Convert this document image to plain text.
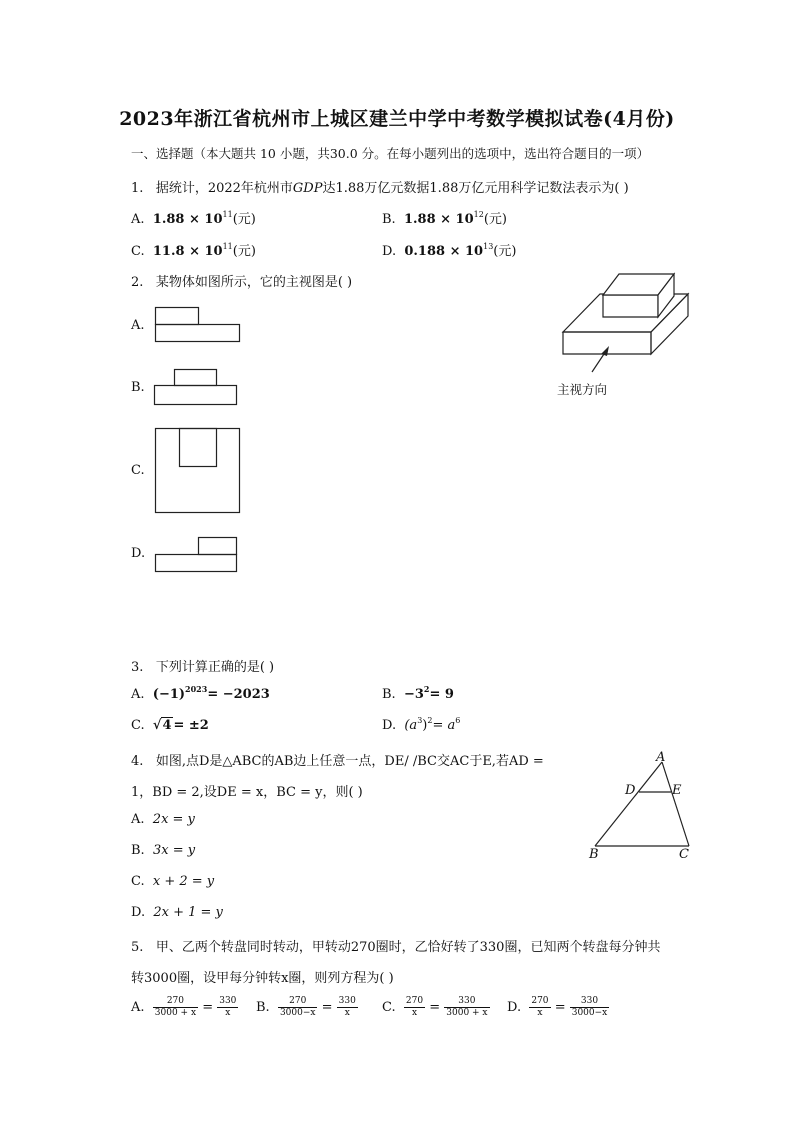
2023年浙江省杭州市上城区建兰中学中考数学模拟试卷(4月份)
一、选择题（本大题共 10 小题，共30.0 分。在每小题列出的选项中，选出符合题目的一项）
1. 据统计，2022年杭州市GDP达1.88万亿元数据1.88万亿元用科学记数法表示为( )
A. $1.88 \times 10^{11}$(元)	B. $1.88 \times 10^{12}$(元)
C. $11.8 \times 10^{11}$(元)	D. $0.188 \times 10^{13}$(元)
2. 某物体如图所示，它的主视图是( )
A.
B.
C.
D.
主视方向
3. 下列计算正确的是( )
A. $(-1)^{2023}= -2023$	B. $-3^2= 9$
C. √4 = ±2	D. $(a^3)^2= a^6$
4. 如图,点D是△ABC的AB边上任意一点，DE/ /BC交AC于E,若AD =
1，BD = 2,设DE = x，BC = y，则( )
A. 2x = y
B. 3x = y
C. x + 2 = y
D. 2x + 1 = y
A
D	E
B	C
5. 甲、乙两个转盘同时转动，甲转动270圈时，乙恰好转了330圈，已知两个转盘每分钟共
转3000圈，设甲每分钟转x圈，则列方程为( )
A. $\frac{270}{3000 + x} = \frac{330}{x} B$. $\frac{270}{3000-x} = \frac{330}{x} C$. $\frac{270}{x} = \frac{330}{3000 + x} D$. $\frac{270}{x} = \frac{330}{3000-x}$
